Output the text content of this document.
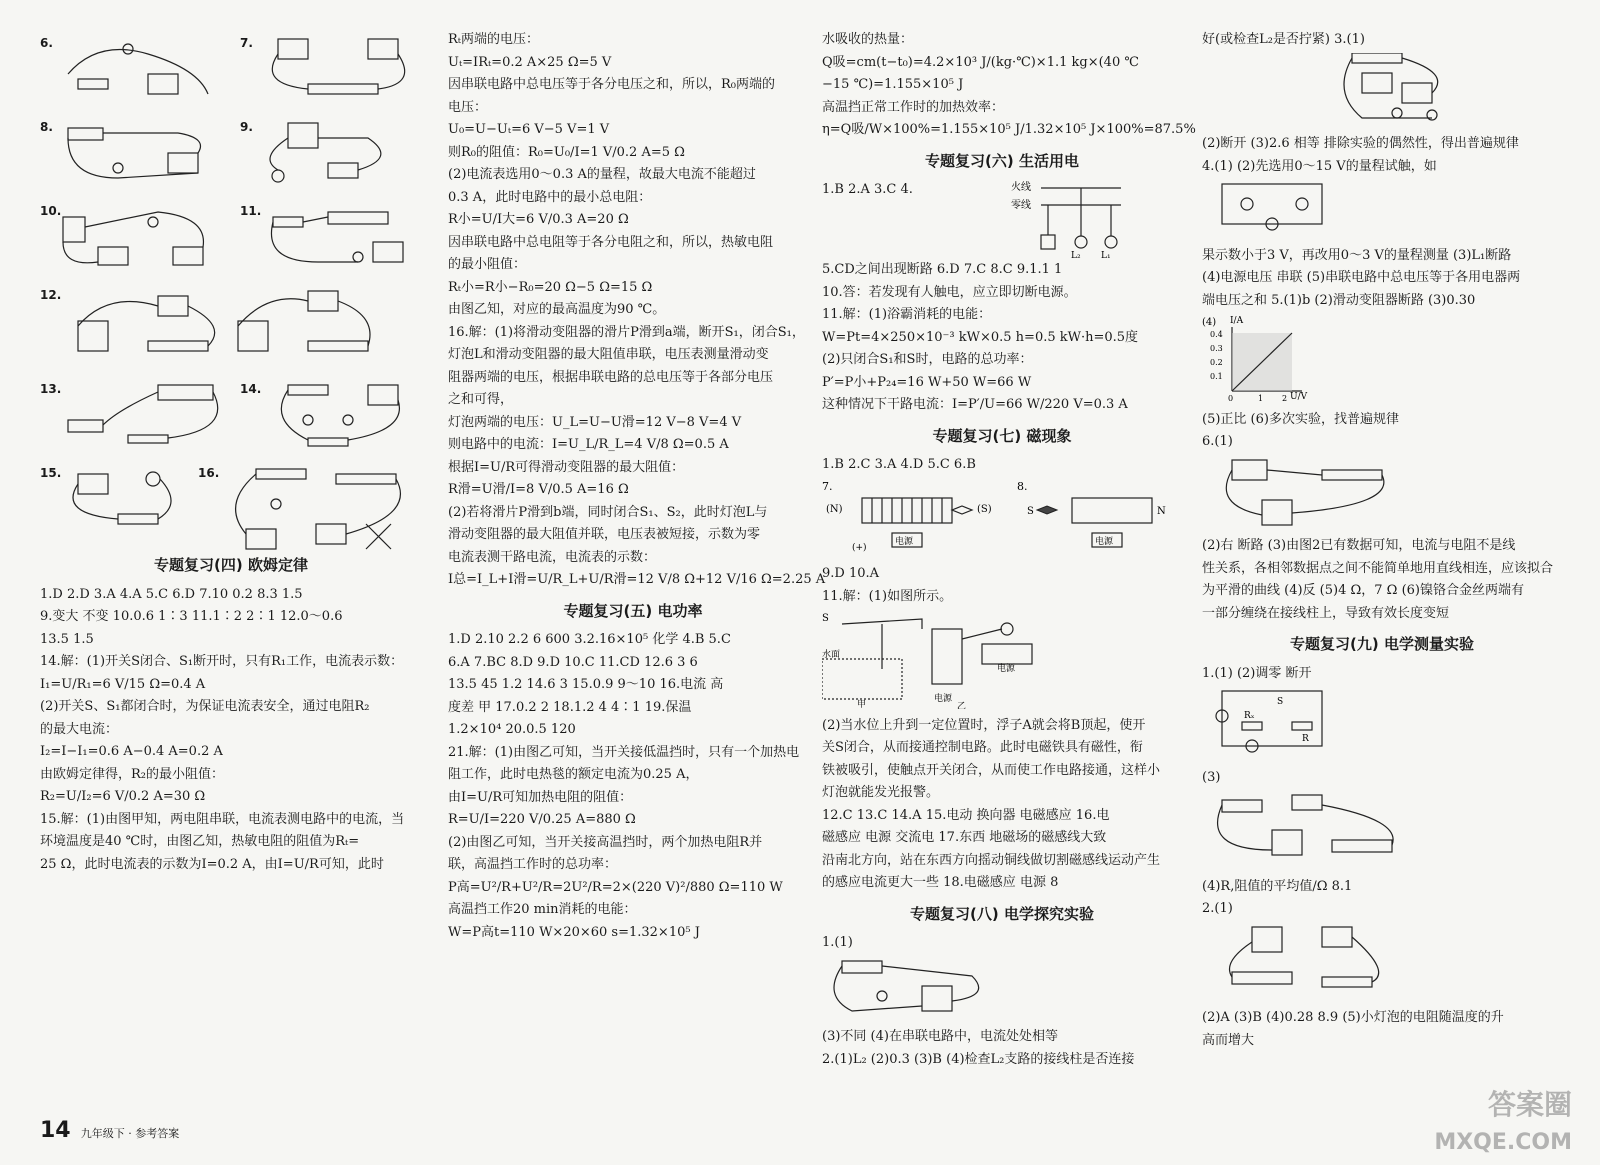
6.	7.
8.	9.
10.	11.
12.
13.	14.
15.	16.
专题复习(四) 欧姆定律
1.D 2.D 3.A 4.A 5.C 6.D 7.10 0.2 8.3 1.5
9.变大 不变 10.0.6 1∶3 11.1∶2 2∶1 12.0～0.6
13.5 1.5
14.解：(1)开关S闭合、S₁断开时，只有R₁工作，电流表示数：
I₁=U/R₁=6 V/15 Ω=0.4 A
(2)开关S、S₁都闭合时，为保证电流表安全，通过电阻R₂
的最大电流：
I₂=I−I₁=0.6 A−0.4 A=0.2 A
由欧姆定律得，R₂的最小阻值：
R₂=U/I₂=6 V/0.2 A=30 Ω
15.解：(1)由图甲知，两电阻串联，电流表测电路中的电流，当
环境温度是40 ℃时，由图乙知，热敏电阻的阻值为Rₜ=
25 Ω，此时电流表的示数为I=0.2 A，由I=U/R可知，此时
Rₜ两端的电压：
Uₜ=IRₜ=0.2 A×25 Ω=5 V
因串联电路中总电压等于各分电压之和，所以，R₀两端的
电压：
U₀=U−Uₜ=6 V−5 V=1 V
则R₀的阻值：R₀=U₀/I=1 V/0.2 A=5 Ω
(2)电流表选用0～0.3 A的量程，故最大电流不能超过
0.3 A，此时电路中的最小总电阻：
R小=U/I大=6 V/0.3 A=20 Ω
因串联电路中总电阻等于各分电阻之和，所以，热敏电阻
的最小阻值：
Rₜ小=R小−R₀=20 Ω−5 Ω=15 Ω
由图乙知，对应的最高温度为90 ℃。
16.解：(1)将滑动变阻器的滑片P滑到a端，断开S₁，闭合S₁，
灯泡L和滑动变阻器的最大阻值串联，电压表测量滑动变
阻器两端的电压，根据串联电路的总电压等于各部分电压
之和可得，
灯泡两端的电压：U_L=U−U滑=12 V−8 V=4 V
则电路中的电流：I=U_L/R_L=4 V/8 Ω=0.5 A
根据I=U/R可得滑动变阻器的最大阻值：
R滑=U滑/I=8 V/0.5 A=16 Ω
(2)若将滑片P滑到b端，同时闭合S₁、S₂，此时灯泡L与
滑动变阻器的最大阻值并联，电压表被短接，示数为零
电流表测干路电流，电流表的示数：
I总=I_L+I滑=U/R_L+U/R滑=12 V/8 Ω+12 V/16 Ω=2.25 A
专题复习(五) 电功率
1.D 2.10 2.2 6 600 3.2.16×10⁵ 化学 4.B 5.C
6.A 7.BC 8.D 9.D 10.C 11.CD 12.6 3 6
13.5 45 1.2 14.6 3 15.0.9 9～10 16.电流 高
度差 甲 17.0.2 2 18.1.2 4 4∶1 19.保温
1.2×10⁴ 20.0.5 120
21.解：(1)由图乙可知，当开关接低温挡时，只有一个加热电
阻工作，此时电热毯的额定电流为0.25 A，
由I=U/R可知加热电阻的阻值：
R=U/I=220 V/0.25 A=880 Ω
(2)由图乙可知，当开关接高温挡时，两个加热电阻R并
联，高温挡工作时的总功率：
P高=U²/R+U²/R=2U²/R=2×(220 V)²/880 Ω=110 W
高温挡工作20 min消耗的电能：
W=P高t=110 W×20×60 s=1.32×10⁵ J
水吸收的热量：
Q吸=cm(t−t₀)=4.2×10³ J/(kg·℃)×1.1 kg×(40 ℃
−15 ℃)=1.155×10⁵ J
高温挡正常工作时的加热效率：
η=Q吸/W×100%=1.155×10⁵ J/1.32×10⁵ J×100%=87.5%
专题复习(六) 生活用电
1.B 2.A 3.C 4.	火线
零线
L₂ L₁
5.CD之间出现断路 6.D 7.C 8.C 9.1.1 1
10.答：若发现有人触电，应立即切断电源。
11.解：(1)浴霸消耗的电能：
W=Pt=4×250×10⁻³ kW×0.5 h=0.5 kW·h=0.5度
(2)只闭合S₁和S时，电路的总功率：
P′=P小+P₂₄=16 W+50 W=66 W
这种情况下干路电流：I=P′/U=66 W/220 V=0.3 A
专题复习(七) 磁现象
1.B 2.C 3.A 4.D 5.C 6.B
7.
(N)	(S)
电源
(+)
8.
S	N
电源
9.D 10.A
11.解：(1)如图所示。
S
水面
甲
电源
乙
电源
(2)当水位上升到一定位置时，浮子A就会将B顶起，使开
关S闭合，从而接通控制电路。此时电磁铁具有磁性，衔
铁被吸引，使触点开关闭合，从而使工作电路接通，这样小
灯泡就能发光报警。
12.C 13.C 14.A 15.电动 换向器 电磁感应 16.电
磁感应 电源 交流电 17.东西 地磁场的磁感线大致
沿南北方向，站在东西方向摇动铜线做切割磁感线运动产生
的感应电流更大一些 18.电磁感应 电源 8
专题复习(八) 电学探究实验
1.(1)
(3)不同 (4)在串联电路中，电流处处相等
2.(1)L₂ (2)0.3 (3)B (4)检查L₂支路的接线柱是否连接
好(或检查L₂是否拧紧) 3.(1)
(2)断开 (3)2.6 相等 排除实验的偶然性，得出普遍规律
4.(1) (2)先选用0～15 V的量程试触，如
果示数小于3 V，再改用0～3 V的量程测量 (3)L₁断路
(4)电源电压 串联 (5)串联电路中总电压等于各用电器两
端电压之和 5.(1)b (2)滑动变阻器断路 (3)0.30
(4) I/A
U/V
0.4
0.3
0.2
0.1
0	1 2
(5)正比 (6)多次实验，找普遍规律
6.(1)
(2)右 断路 (3)由图2已有数据可知，电流与电阻不是线
性关系，各相邻数据点之间不能简单地用直线相连，应该拟合
为平滑的曲线 (4)反 (5)4 Ω，7 Ω (6)镍铬合金丝两端有
一部分缠绕在接线柱上，导致有效长度变短
专题复习(九) 电学测量实验
1.(1) (2)调零 断开
S
Rₓ
R
(3)
(4)R,阻值的平均值/Ω 8.1
2.(1)
(2)A (3)B (4)0.28 8.9 (5)小灯泡的电阻随温度的升
高而增大
14 九年级下 · 参考答案
答案圈
MXQE.COM
